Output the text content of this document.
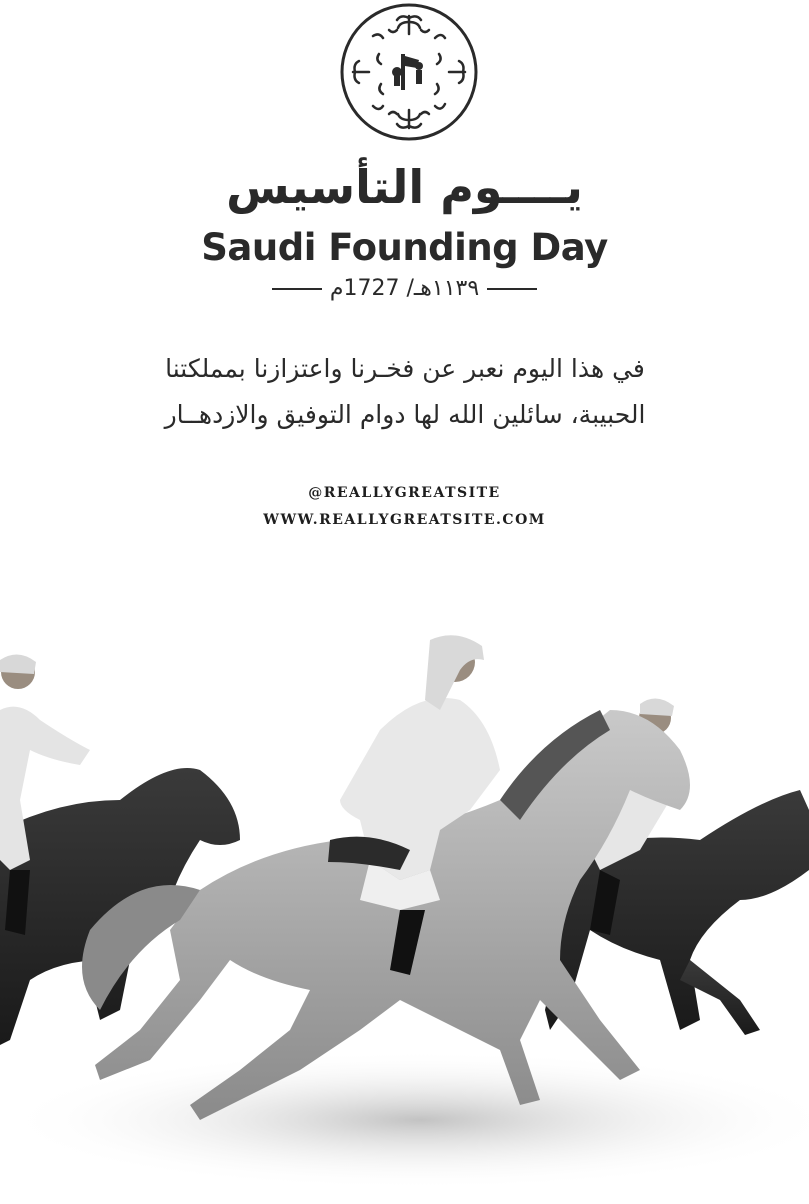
يــــوم التأسيس
Saudi Founding Day
١١٣٩هـ/ 1727م

في هذا اليوم نعبر عن فخـرنا واعتزازنا بمملكتنا
الحبيبة، سائلين الله لها دوام التوفيق والازدهــار

@REALLYGREATSITE
WWW.REALLYGREATSITE.COM
